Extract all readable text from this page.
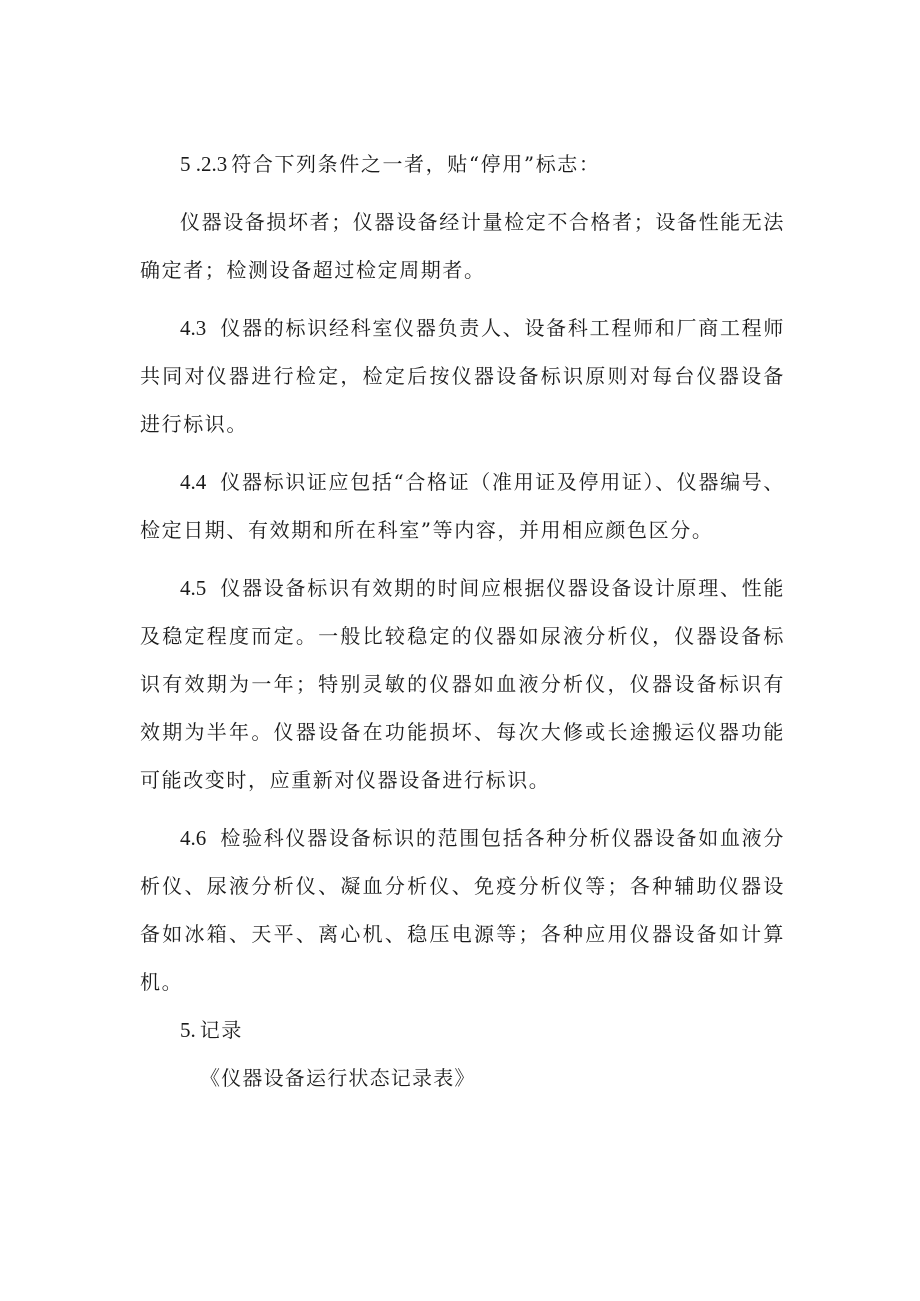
5 .2.3 符合下列条件之一者，贴“停用”标志：

仪器设备损坏者；仪器设备经计量检定不合格者；设备性能无法确定者；检测设备超过检定周期者。

4.3 仪器的标识经科室仪器负责人、设备科工程师和厂商工程师共同对仪器进行检定，检定后按仪器设备标识原则对每台仪器设备进行标识。

4.4 仪器标识证应包括“合格证（准用证及停用证）、仪器编号、检定日期、有效期和所在科室”等内容，并用相应颜色区分。

4.5 仪器设备标识有效期的时间应根据仪器设备设计原理、性能及稳定程度而定。一般比较稳定的仪器如尿液分析仪，仪器设备标识有效期为一年；特别灵敏的仪器如血液分析仪，仪器设备标识有效期为半年。仪器设备在功能损坏、每次大修或长途搬运仪器功能可能改变时，应重新对仪器设备进行标识。

4.6 检验科仪器设备标识的范围包括各种分析仪器设备如血液分析仪、尿液分析仪、凝血分析仪、免疫分析仪等；各种辅助仪器设备如冰箱、天平、离心机、稳压电源等；各种应用仪器设备如计算机。

5. 记录

《仪器设备运行状态记录表》
